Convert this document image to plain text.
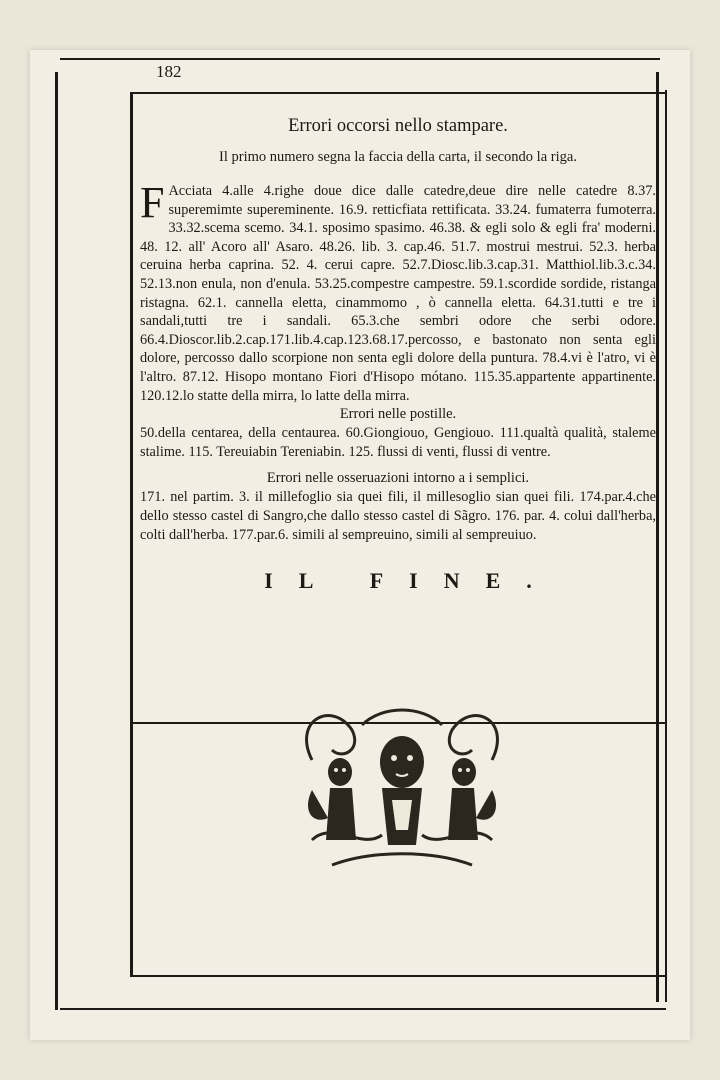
182
Errori occorsi nello stampare.
Il primo numero segna la faccia della carta, il secondo la riga.
F Acciata 4.alle 4.righe doue dice dalle catedre,deue dire nelle catedre 8.37. superemimte supereminente. 16.9. retticfiata rettificata. 33.24. fumaterra fumoterra. 33.32.scema scemo. 34.1. sposimo spasimo. 46.38. & egli solo & egli fra' moderni. 48. 12. all' Acoro all' Asaro. 48.26. lib. 3. cap.46. 51.7. mostrui mestrui. 52.3. herba ceruina herba caprina. 52. 4. cerui capre. 52.7.Diosc.lib.3.cap.31. Matthiol.lib.3.c.34. 52.13.non enula, non d'enula. 53.25.compestre campestre. 59.1.scordide sordide, ristanga ristagna. 62.1. cannella eletta, cinammomo , ò cannella eletta. 64.31.tutti e tre i sandali,tutti tre i sandali. 65.3.che sembri odore che serbi odore. 66.4.Dioscor.lib.2.cap.171.lib.4.cap.123.68.17.percosso, e bastonato non senta egli dolore, percosso dallo scorpione non senta egli dolore della puntura. 78.4.vi è l'atro, vi è l'altro. 87.12. Hisopo montano Fiori d'Hisopo mótano. 115.35.appartente appartinente. 120.12.lo statte della mirra, lo latte della mirra.
Errori nelle postille.
50.della centarea, della centaurea. 60.Giongiouo, Gengiouo. 111.qualtà qualità, staleme stalime. 115. Tereuiabin Tereniabin. 125. flussi di venti, flussi di ventre.
Errori nelle osseruazioni intorno a i semplici.
171. nel partim. 3. il millefoglio sia quei fili, il millesoglio sian quei fili. 174.par.4.che dello stesso castel di Sangro,che dallo stesso castel di Sãgro. 176. par. 4. colui dall'herba, colti dall'herba. 177.par.6. simili al sempreuino, simili al sempreuiuo.
IL FINE.
